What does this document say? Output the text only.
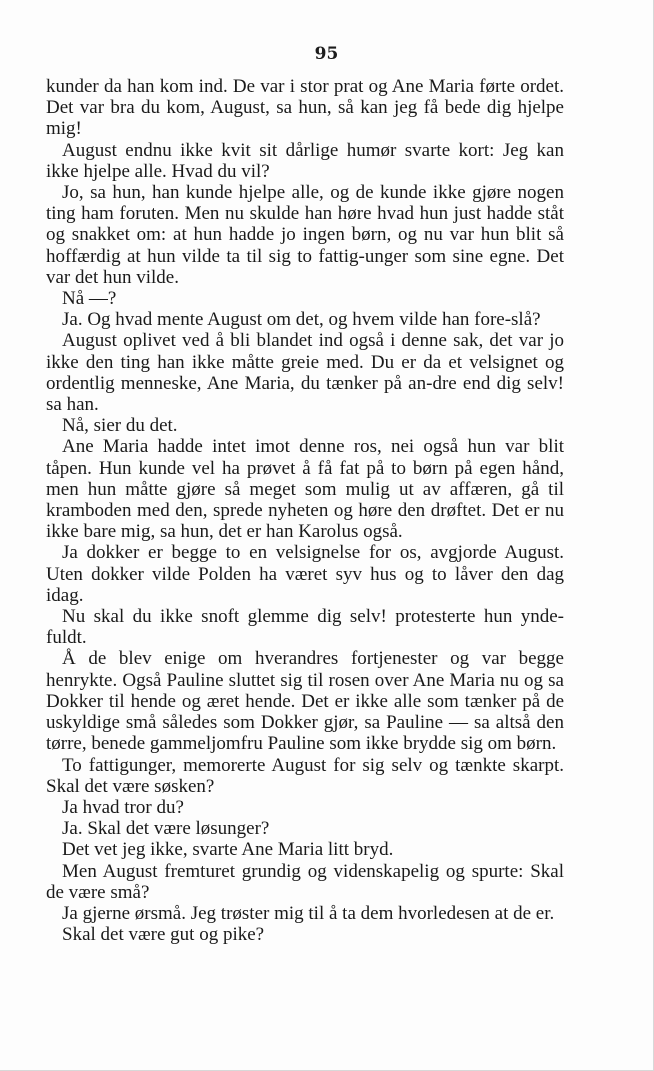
95

kunder da han kom ind. De var i stor prat og Ane Maria førte ordet. Det var bra du kom, August, sa hun, så kan jeg få bede dig hjelpe mig!

August endnu ikke kvit sit dårlige humør svarte kort: Jeg kan ikke hjelpe alle. Hvad du vil?

Jo, sa hun, han kunde hjelpe alle, og de kunde ikke gjøre nogen ting ham foruten. Men nu skulde han høre hvad hun just hadde ståt og snakket om: at hun hadde jo ingen børn, og nu var hun blit så hoffærdig at hun vilde ta til sig to fattig-unger som sine egne. Det var det hun vilde.

Nå —?

Ja. Og hvad mente August om det, og hvem vilde han fore-slå?

August oplivet ved å bli blandet ind også i denne sak, det var jo ikke den ting han ikke måtte greie med. Du er da et velsignet og ordentlig menneske, Ane Maria, du tænker på an-dre end dig selv! sa han.

Nå, sier du det.

Ane Maria hadde intet imot denne ros, nei også hun var blit tåpen. Hun kunde vel ha prøvet å få fat på to børn på egen hånd, men hun måtte gjøre så meget som mulig ut av affæren, gå til kramboden med den, sprede nyheten og høre den drøftet. Det er nu ikke bare mig, sa hun, det er han Karolus også.

Ja dokker er begge to en velsignelse for os, avgjorde August. Uten dokker vilde Polden ha været syv hus og to låver den dag idag.

Nu skal du ikke snoft glemme dig selv! protesterte hun ynde-fuldt.

Å de blev enige om hverandres fortjenester og var begge henrykte. Også Pauline sluttet sig til rosen over Ane Maria nu og sa Dokker til hende og æret hende. Det er ikke alle som tænker på de uskyldige små således som Dokker gjør, sa Pauline — sa altså den tørre, benede gammeljomfru Pauline som ikke brydde sig om børn.

To fattigunger, memorerte August for sig selv og tænkte skarpt. Skal det være søsken?

Ja hvad tror du?

Ja. Skal det være løsunger?

Det vet jeg ikke, svarte Ane Maria litt bryd.

Men August fremturet grundig og videnskapelig og spurte: Skal de være små?

Ja gjerne ørsmå. Jeg trøster mig til å ta dem hvorledesen at de er.

Skal det være gut og pike?
